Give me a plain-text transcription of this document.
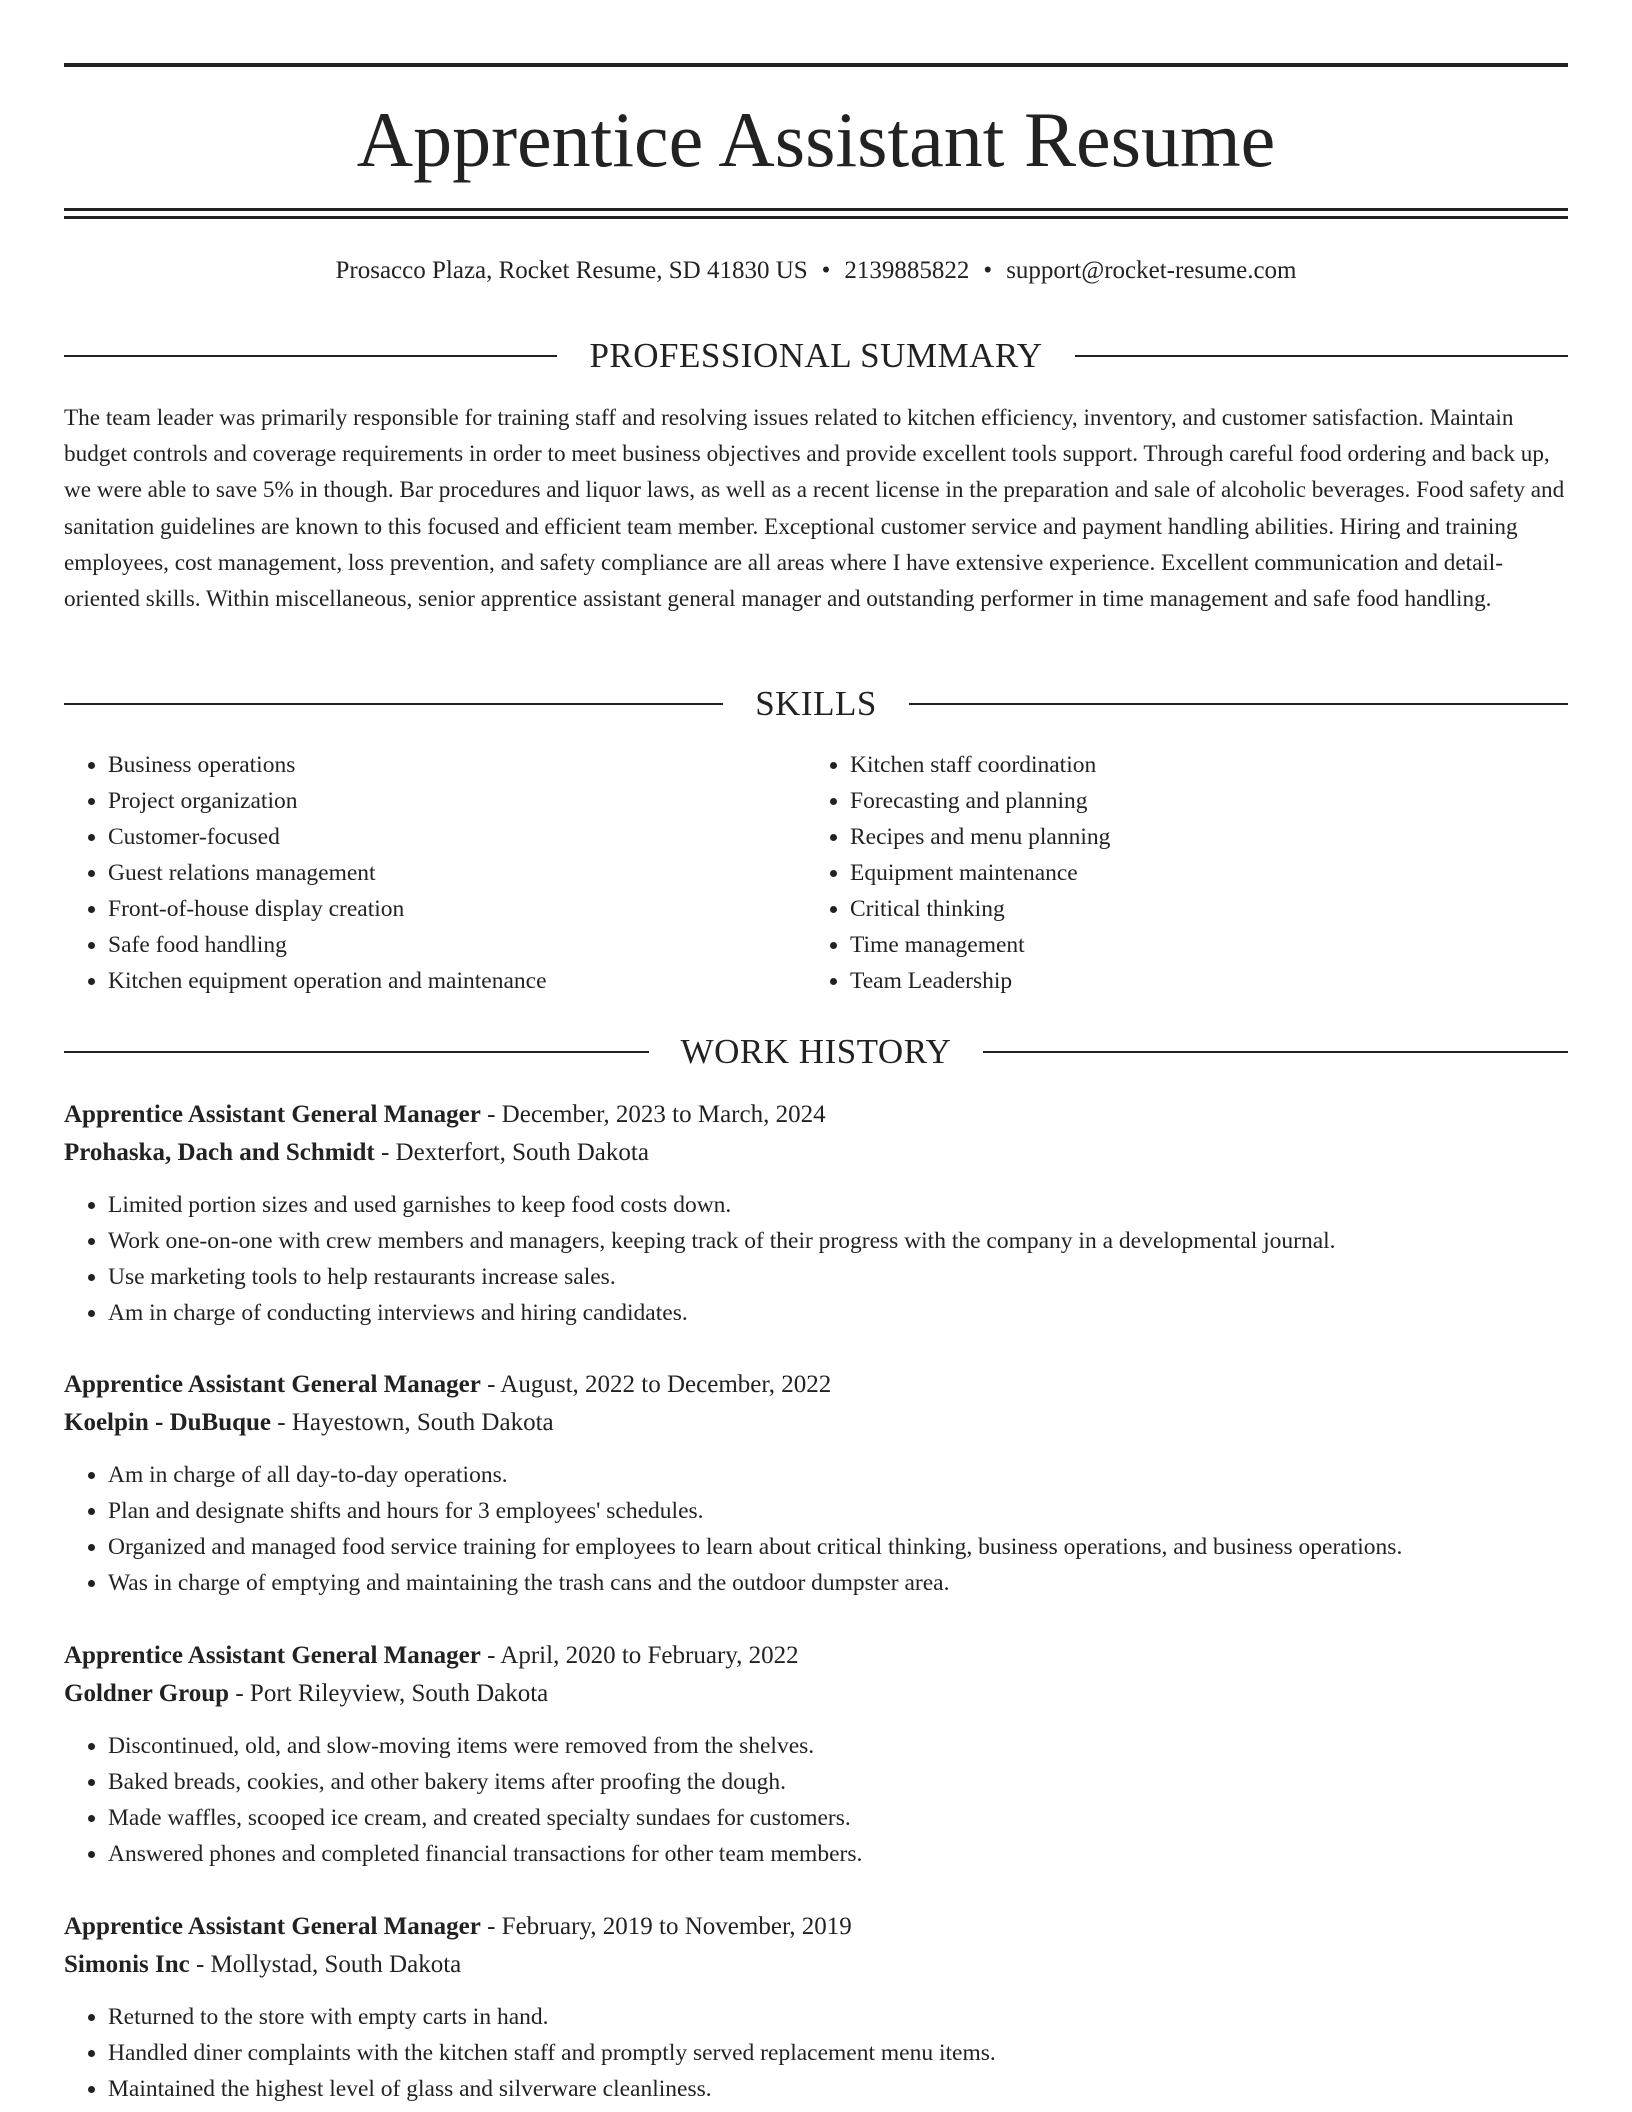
Apprentice Assistant Resume
Prosacco Plaza, Rocket Resume, SD 41830 US • 2139885822 • support@rocket-resume.com
PROFESSIONAL SUMMARY

The team leader was primarily responsible for training staff and resolving issues related to kitchen efficiency, inventory, and customer satisfaction. Maintain budget controls and coverage requirements in order to meet business objectives and provide excellent tools support. Through careful food ordering and back up, we were able to save 5% in though. Bar procedures and liquor laws, as well as a recent license in the preparation and sale of alcoholic beverages. Food safety and sanitation guidelines are known to this focused and efficient team member. Exceptional customer service and payment handling abilities. Hiring and training employees, cost management, loss prevention, and safety compliance are all areas where I have extensive experience. Excellent communication and detail-oriented skills. Within miscellaneous, senior apprentice assistant general manager and outstanding performer in time management and safe food handling.

SKILLS
• Business operations
• Project organization
• Customer-focused
• Guest relations management
• Front-of-house display creation
• Safe food handling
• Kitchen equipment operation and maintenance
• Kitchen staff coordination
• Forecasting and planning
• Recipes and menu planning
• Equipment maintenance
• Critical thinking
• Time management
• Team Leadership
WORK HISTORY

Apprentice Assistant General Manager - December, 2023 to March, 2024

Prohaska, Dach and Schmidt - Dexterfort, South Dakota

• Limited portion sizes and used garnishes to keep food costs down.
• Work one-on-one with crew members and managers, keeping track of their progress with the company in a developmental journal.
• Use marketing tools to help restaurants increase sales.
• Am in charge of conducting interviews and hiring candidates.

Apprentice Assistant General Manager - August, 2022 to December, 2022

Koelpin - DuBuque - Hayestown, South Dakota

• Am in charge of all day-to-day operations.
• Plan and designate shifts and hours for 3 employees' schedules.
• Organized and managed food service training for employees to learn about critical thinking, business operations, and business operations.
• Was in charge of emptying and maintaining the trash cans and the outdoor dumpster area.

Apprentice Assistant General Manager - April, 2020 to February, 2022

Goldner Group - Port Rileyview, South Dakota

• Discontinued, old, and slow-moving items were removed from the shelves.
• Baked breads, cookies, and other bakery items after proofing the dough.
• Made waffles, scooped ice cream, and created specialty sundaes for customers.
• Answered phones and completed financial transactions for other team members.

Apprentice Assistant General Manager - February, 2019 to November, 2019

Simonis Inc - Mollystad, South Dakota

• Returned to the store with empty carts in hand.
• Handled diner complaints with the kitchen staff and promptly served replacement menu items.
• Maintained the highest level of glass and silverware cleanliness.
